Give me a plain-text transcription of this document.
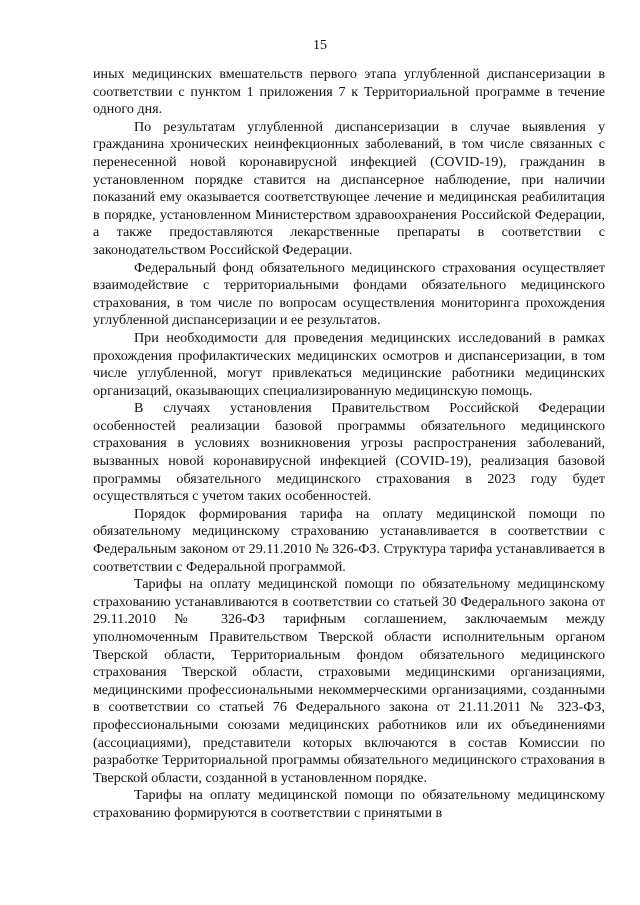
15

иных медицинских вмешательств первого этапа углубленной диспансеризации в соответствии с пунктом 1 приложения 7 к Территориальной программе в течение одного дня.

По результатам углубленной диспансеризации в случае выявления у гражданина хронических неинфекционных заболеваний, в том числе связанных с перенесенной новой коронавирусной инфекцией (COVID-19), гражданин в установленном порядке ставится на диспансерное наблюдение, при наличии показаний ему оказывается соответствующее лечение и медицинская реабилитация в порядке, установленном Министерством здравоохранения Российской Федерации, а также предоставляются лекарственные препараты в соответствии с законодательством Российской Федерации.

Федеральный фонд обязательного медицинского страхования осуществляет взаимодействие с территориальными фондами обязательного медицинского страхования, в том числе по вопросам осуществления мониторинга прохождения углубленной диспансеризации и ее результатов.

При необходимости для проведения медицинских исследований в рамках прохождения профилактических медицинских осмотров и диспансеризации, в том числе углубленной, могут привлекаться медицинские работники медицинских организаций, оказывающих специализированную медицинскую помощь.

В случаях установления Правительством Российской Федерации особенностей реализации базовой программы обязательного медицинского страхования в условиях возникновения угрозы распространения заболеваний, вызванных новой коронавирусной инфекцией (COVID-19), реализация базовой программы обязательного медицинского страхования в 2023 году будет осуществляться с учетом таких особенностей.

Порядок формирования тарифа на оплату медицинской помощи по обязательному медицинскому страхованию устанавливается в соответствии с Федеральным законом от 29.11.2010 № 326-ФЗ. Структура тарифа устанавливается в соответствии с Федеральной программой.

Тарифы на оплату медицинской помощи по обязательному медицинскому страхованию устанавливаются в соответствии со статьей 30 Федерального закона от 29.11.2010 № 326-ФЗ тарифным соглашением, заключаемым между уполномоченным Правительством Тверской области исполнительным органом Тверской области, Территориальным фондом обязательного медицинского страхования Тверской области, страховыми медицинскими организациями, медицинскими профессиональными некоммерческими организациями, созданными в соответствии со статьей 76 Федерального закона от 21.11.2011 № 323-ФЗ, профессиональными союзами медицинских работников или их объединениями (ассоциациями), представители которых включаются в состав Комиссии по разработке Территориальной программы обязательного медицинского страхования в Тверской области, созданной в установленном порядке.

Тарифы на оплату медицинской помощи по обязательному медицинскому страхованию формируются в соответствии с принятыми в
